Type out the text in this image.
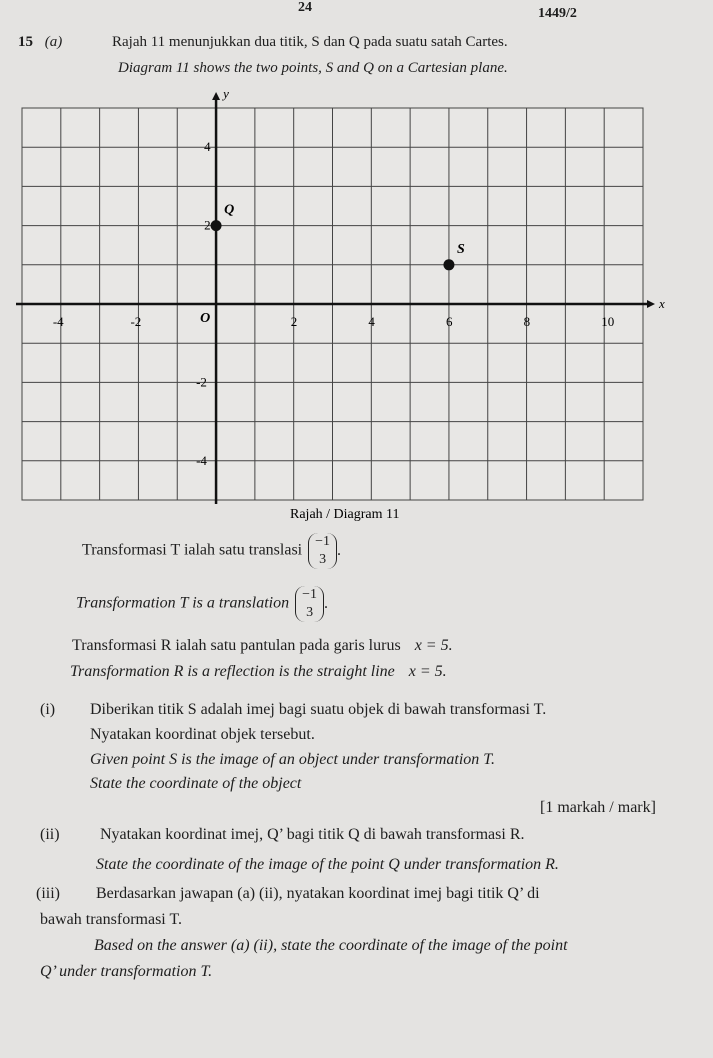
24	1449/2
15 (a)	Rajah 11 menunjukkan dua titik, S dan Q pada suatu satah Cartes.
Diagram 11 shows the two points, S and Q on a Cartesian plane.
x
y
O
-4	-2	2	4	6	8	10
4
2
-2
-4
Q
S
Rajah / Diagram 11
Transformasi T ialah satu translasi
−1
3
.
Transformation T is a translation
−1
3
.
Transformasi R ialah satu pantulan pada garis lurus x = 5.
Transformation R is a reflection is the straight line x = 5.
(i) Diberikan titik S adalah imej bagi suatu objek di bawah transformasi T.
Nyatakan koordinat objek tersebut.
Given point S is the image of an object under transformation T.
State the coordinate of the object
[1 markah / mark]
(ii)	Nyatakan koordinat imej, Q’ bagi titik Q di bawah transformasi R.
State the coordinate of the image of the point Q under transformation R.
(iii) Berdasarkan jawapan (a) (ii), nyatakan koordinat imej bagi titik Q’ di
bawah transformasi T.
Based on the answer (a) (ii), state the coordinate of the image of the point
Q’ under transformation T.
